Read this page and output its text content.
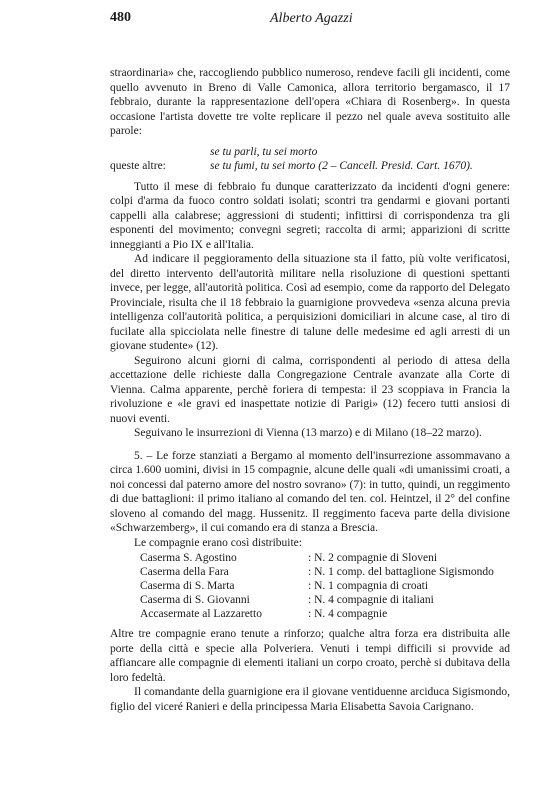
480	Alberto Agazzi

straordinaria» che, raccogliendo pubblico numeroso, rendeve facili gli incidenti, come quello avvenuto in Breno di Valle Camonica, allora territorio bergamasco, il 17 febbraio, durante la rappresentazione dell'opera «Chiara di Rosenberg». In questa occasione l'artista dovette tre volte replicare il pezzo nel quale aveva sostituito alle parole:

se tu parli, tu sei morto
queste altre:	se tu fumi, tu sei morto (2 – Cancell. Presid. Cart. 1670).

Tutto il mese di febbraio fu dunque caratterizzato da incidenti d'ogni genere: colpi d'arma da fuoco contro soldati isolati; scontri tra gendarmi e giovani portanti cappelli alla calabrese; aggressioni di studenti; infittirsi di corrispondenza tra gli esponenti del movimento; convegni segreti; raccolta di armi; apparizioni di scritte inneggianti a Pio IX e all'Italia.

Ad indicare il peggioramento della situazione sta il fatto, più volte verificatosi, del diretto intervento dell'autorità militare nella risoluzione di questioni spettanti invece, per legge, all'autorità politica. Così ad esempio, come da rapporto del Delegato Provinciale, risulta che il 18 febbraio la guarnigione provvedeva «senza alcuna previa intelligenza coll'autorità politica, a perquisizioni domiciliari in alcune case, al tiro di fucilate alla spicciolata nelle finestre di talune delle medesime ed agli arresti di un giovane studente» (12).

Seguirono alcuni giorni di calma, corrispondenti al periodo di attesa della accettazione delle richieste dalla Congregazione Centrale avanzate alla Corte di Vienna. Calma apparente, perchè foriera di tempesta: il 23 scoppiava in Francia la rivoluzione e «le gravi ed inaspettate notizie di Parigi» (12) fecero tutti ansiosi di nuovi eventi.

Seguivano le insurrezioni di Vienna (13 marzo) e di Milano (18–22 marzo).

5. – Le forze stanziati a Bergamo al momento dell'insurrezione assommavano a circa 1.600 uomini, divisi in 15 compagnie, alcune delle quali «di umanissimi croati, a noi concessi dal paterno amore del nostro sovrano» (7): in tutto, quindi, un reggimento di due battaglioni: il primo italiano al comando del ten. col. Heintzel, il 2° del confine sloveno al comando del magg. Hussenitz. Il reggimento faceva parte della divisione «Schwarzemberg», il cui comando era di stanza a Brescia.

Le compagnie erano così distribuite:

Caserma S. Agostino	: N. 2 compagnie di Sloveni
Caserma della Fara	: N. 1 comp. del battaglione Sigismondo
Caserma di S. Marta	: N. 1 compagnia di croati
Caserma di S. Giovanni	: N. 4 compagnie di italiani
Accasermate al Lazzaretto	: N. 4 compagnie

Altre tre compagnie erano tenute a rinforzo; qualche altra forza era distribuita alle porte della città e specie alla Polveriera. Venuti i tempi difficili si provvide ad affiancare alle compagnie di elementi italiani un corpo croato, perchè si dubitava della loro fedeltà.

Il comandante della guarnigione era il giovane ventiduenne arciduca Sigismondo, figlio del viceré Ranieri e della principessa Maria Elisabetta Savoia Carignano.
